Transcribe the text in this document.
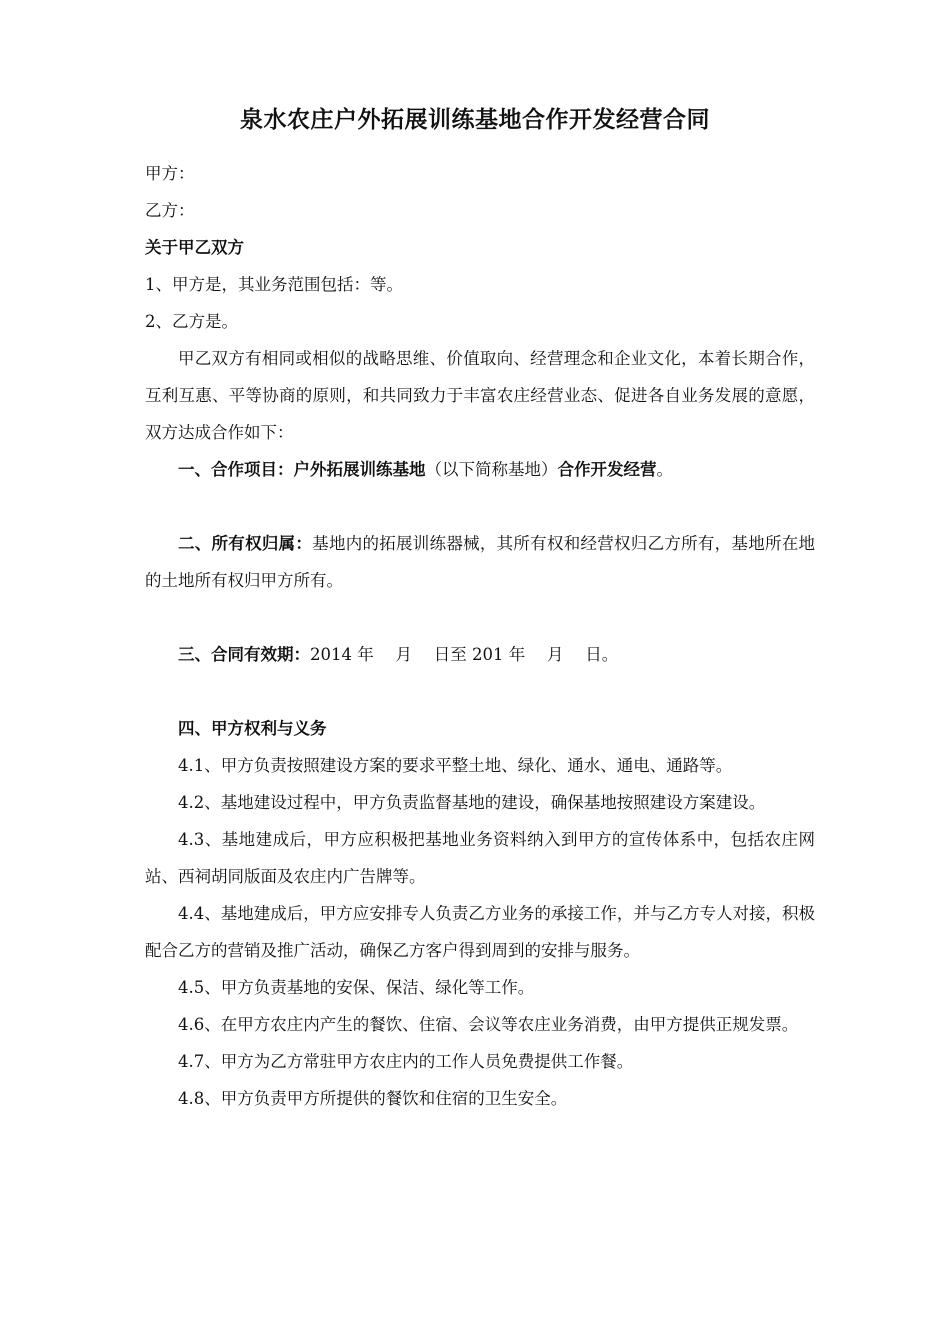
泉水农庄户外拓展训练基地合作开发经营合同

甲方：

乙方：

关于甲乙双方

1、甲方是，其业务范围包括：等。

2、乙方是。

甲乙双方有相同或相似的战略思维、价值取向、经营理念和企业文化，本着长期合作，互利互惠、平等协商的原则，和共同致力于丰富农庄经营业态、促进各自业务发展的意愿，双方达成合作如下：

一、合作项目：户外拓展训练基地（以下简称基地）合作开发经营。

二、所有权归属：基地内的拓展训练器械，其所有权和经营权归乙方所有，基地所在地的土地所有权归甲方所有。

三、合同有效期：2014 年　 月　 日至 201 年　 月　 日。

四、甲方权利与义务

4.1、甲方负责按照建设方案的要求平整土地、绿化、通水、通电、通路等。

4.2、基地建设过程中，甲方负责监督基地的建设，确保基地按照建设方案建设。

4.3、基地建成后，甲方应积极把基地业务资料纳入到甲方的宣传体系中，包括农庄网站、西祠胡同版面及农庄内广告牌等。

4.4、基地建成后，甲方应安排专人负责乙方业务的承接工作，并与乙方专人对接，积极配合乙方的营销及推广活动，确保乙方客户得到周到的安排与服务。

4.5、甲方负责基地的安保、保洁、绿化等工作。

4.6、在甲方农庄内产生的餐饮、住宿、会议等农庄业务消费，由甲方提供正规发票。

4.7、甲方为乙方常驻甲方农庄内的工作人员免费提供工作餐。

4.8、甲方负责甲方所提供的餐饮和住宿的卫生安全。
